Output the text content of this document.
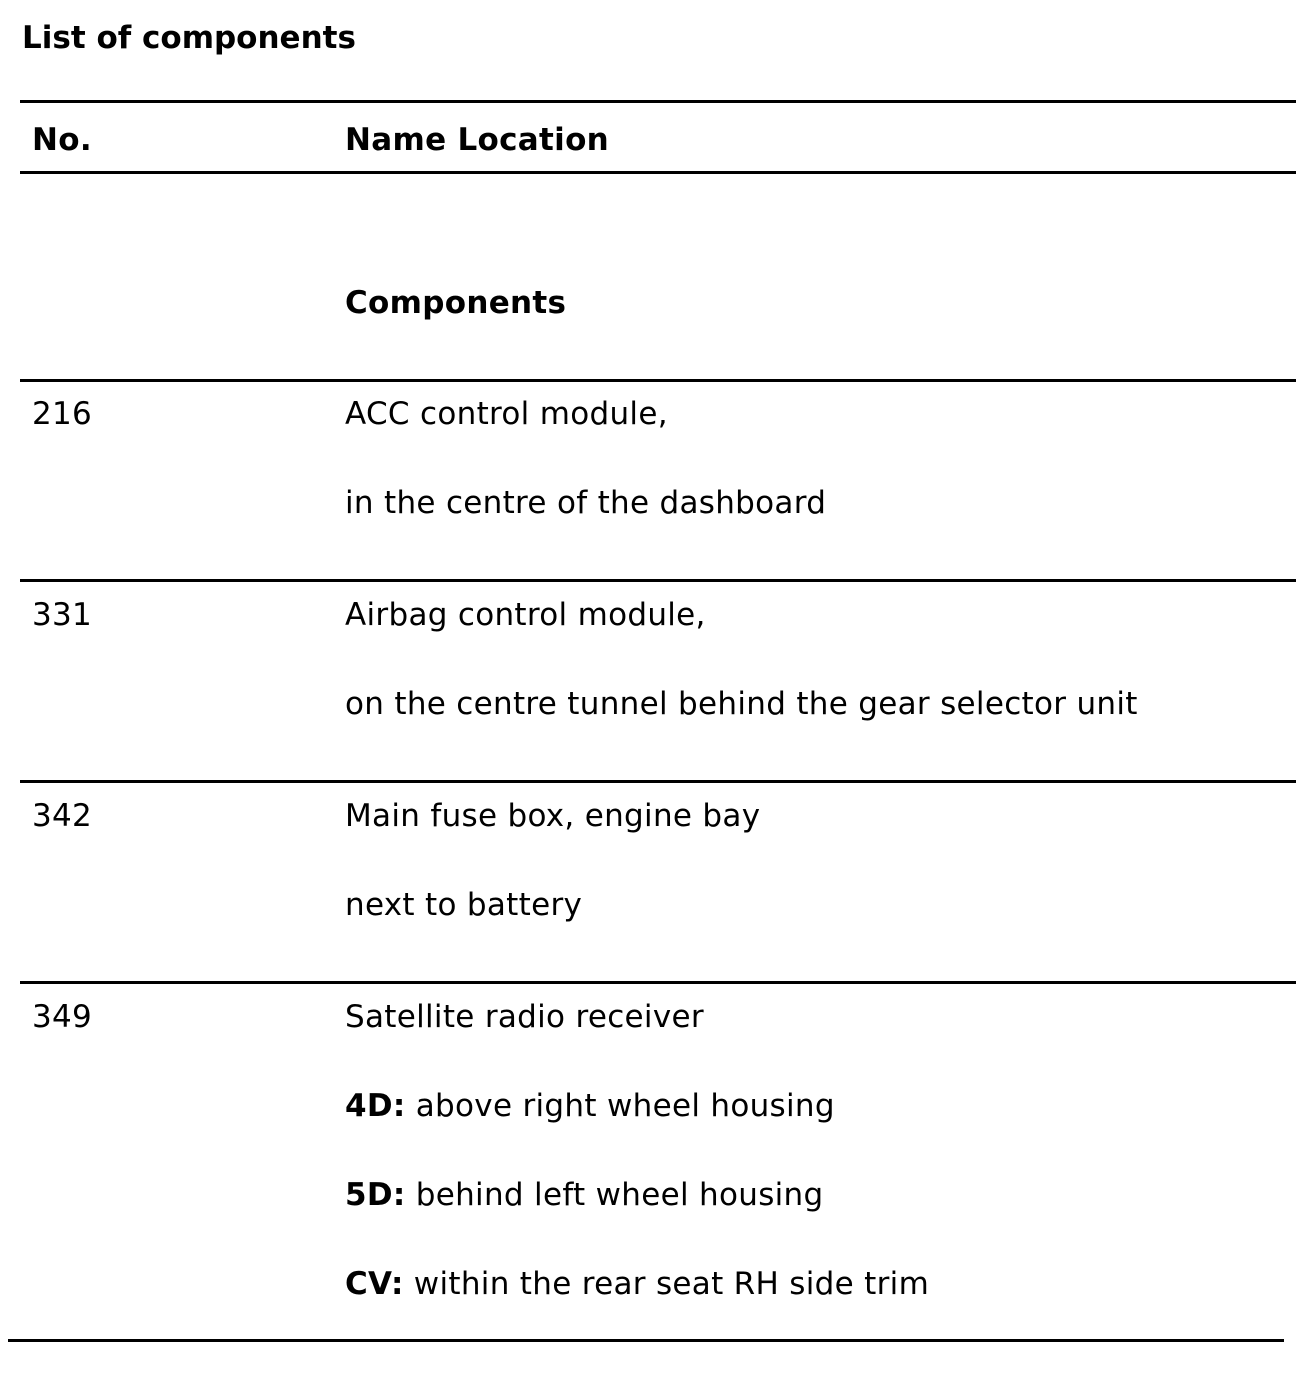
List of components
No.	Name Location
Components
216	ACC control module,
in the centre of the dashboard
331	Airbag control module,
on the centre tunnel behind the gear selector unit
342	Main fuse box, engine bay
next to battery
349	Satellite radio receiver
4D: above right wheel housing
5D: behind left wheel housing
CV: within the rear seat RH side trim
